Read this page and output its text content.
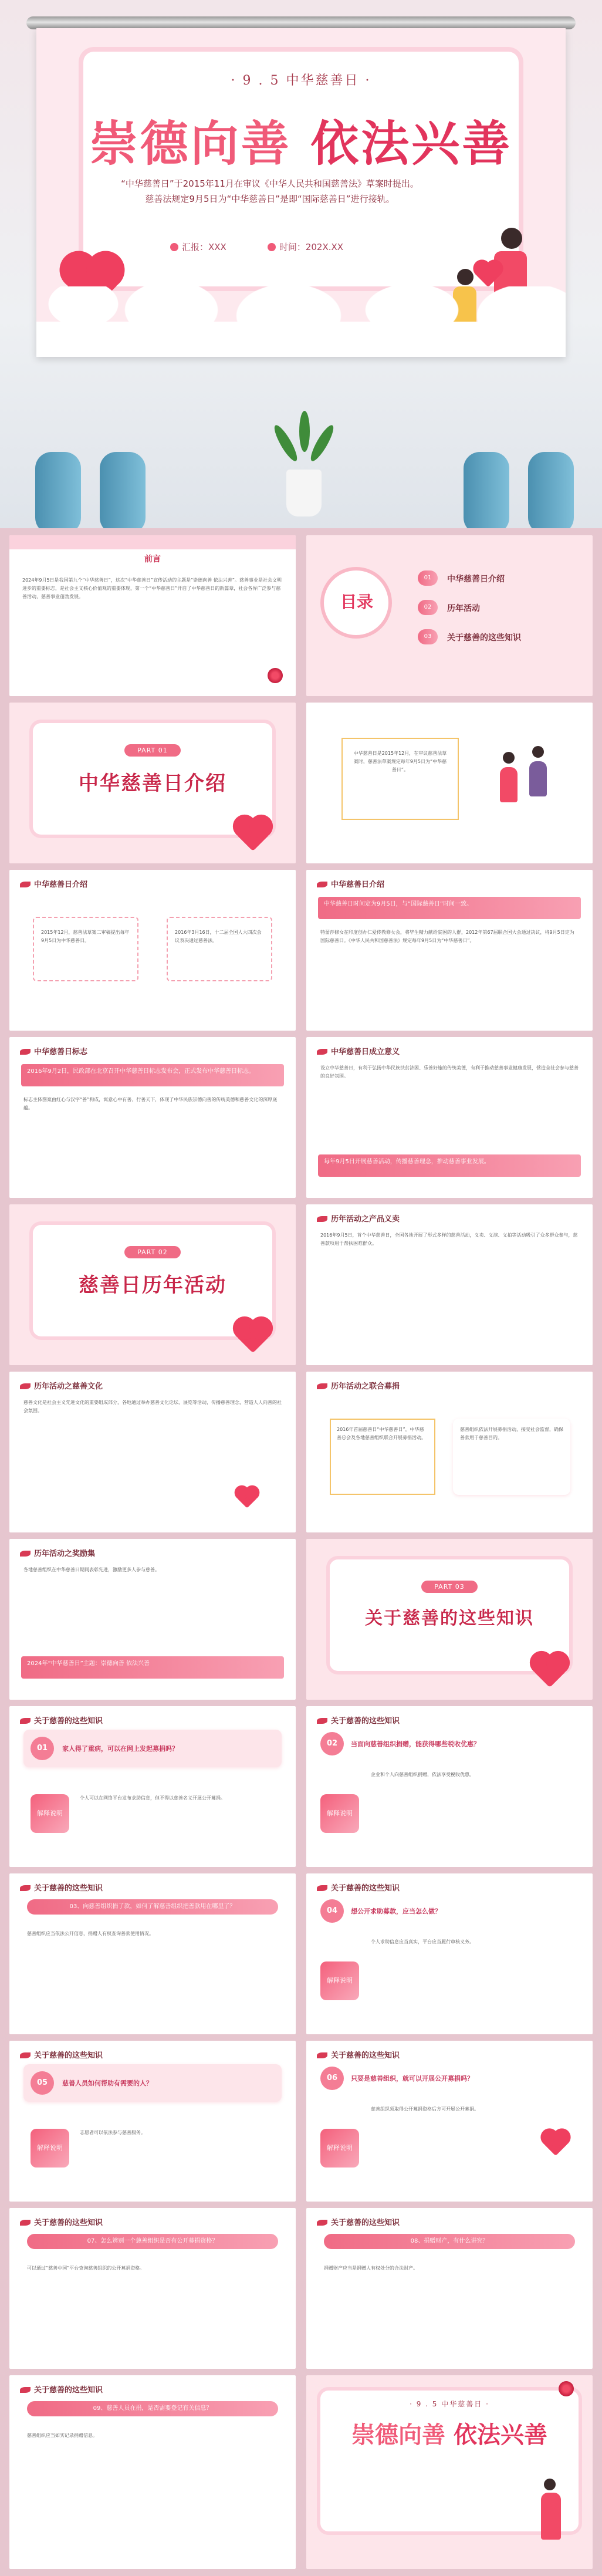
· 9 . 5 中华慈善日 ·
崇德向善 依法兴善
“中华慈善日”于2015年11月在审议《中华人民共和国慈善法》草案时提出。
慈善法规定9月5日为“中华慈善日”是即“国际慈善日”进行接轨。
汇报：XXX	时间：202X.XX
前言
2024年9月5日是我国第九个“中华慈善日”，这次“中华慈善日”宣传活动的主题是“崇德向善 依法兴善”。慈善事业是社会文明进步的重要标志，是社会主义核心价值观的重要体现，第一个“中华慈善日”开启了中华慈善日的新篇章，社会各界广泛参与慈善活动，慈善事业蓬勃发展。	目录
01	中华慈善日介绍
02	历年活动
03	关于慈善的这些知识
PART 01
中华慈善日介绍
中华慈善日是2015年12月，在审议慈善法草案时，慈善法草案规定每年9月5日为“中华慈善日”。
中华慈善日介绍
2015年12月，慈善法草案二审稿提出每年9月5日为中华慈善日。
2016年3月16日，十二届全国人大四次会议表决通过慈善法。
中华慈善日介绍
中华慈善日时间定为9月5日，与“国际慈善日”时间一致。
特蕾莎修女在印度创办仁爱传教修女会，将毕生精力献给贫困的人群，2012年第67届联合国大会通过决议，将9月5日定为国际慈善日。《中华人民共和国慈善法》规定每年9月5日为“中华慈善日”。
中华慈善日标志
2016年9月2日，民政部在北京召开中华慈善日标志发布会，正式发布中华慈善日标志。
标志主体图案由红心与汉字“善”构成，寓意心中有善、行善天下，体现了中华民族崇德向善的传统美德和慈善文化的深厚底蕴。
中华慈善日成立意义
设立中华慈善日，有利于弘扬中华民族扶贫济困、乐善好施的传统美德，有利于推动慈善事业健康发展，营造全社会参与慈善的良好氛围。
每年9月5日开展慈善活动，传播慈善理念，推动慈善事业发展。
PART 02
慈善日历年活动
历年活动之产品义卖
2016年9月5日，首个中华慈善日，全国各地开展了形式多样的慈善活动，义卖、义演、义拍等活动吸引了众多群众参与，慈善款项用于帮扶困难群众。
历年活动之慈善文化
慈善文化是社会主义先进文化的重要组成部分，各地通过举办慈善文化论坛、展览等活动，传播慈善理念，营造人人向善的社会氛围。
历年活动之联合募捐
2016年首届慈善日“中华慈善日”，中华慈善总会及各地慈善组织联合开展募捐活动。
慈善组织依法开展募捐活动，接受社会监督，确保善款用于慈善目的。
历年活动之奖励集
各地慈善组织在中华慈善日期间表彰先进，激励更多人参与慈善。
2024年“中华慈善日”主题：崇德向善 依法兴善
PART 03
关于慈善的这些知识
关于慈善的这些知识
01	家人得了重病，可以在网上发起募捐吗？
解释说明
个人可以在网络平台发布求助信息，但不得以慈善名义开展公开募捐。
关于慈善的这些知识
02	当面向慈善组织捐赠，能获得哪些税收优惠？
解释说明
企业和个人向慈善组织捐赠，依法享受税收优惠。
关于慈善的这些知识
03、向慈善组织捐了款，如何了解慈善组织把善款用在哪里了？
慈善组织应当依法公开信息，捐赠人有权查询善款使用情况。
关于慈善的这些知识
04	想公开求助募款，应当怎么做？
解释说明
个人求助信息应当真实，平台应当履行审核义务。
关于慈善的这些知识
05	慈善人员如何帮助有需要的人？
解释说明
志愿者可以依法参与慈善服务。
关于慈善的这些知识
06	只要是慈善组织，就可以开展公开募捐吗？
解释说明
慈善组织须取得公开募捐资格后方可开展公开募捐。
关于慈善的这些知识
07、怎么辨别一个慈善组织是否有公开募捐资格？
可以通过“慈善中国”平台查询慈善组织的公开募捐资格。
关于慈善的这些知识
08、捐赠财产，有什么讲究？
捐赠财产应当是捐赠人有权处分的合法财产。
关于慈善的这些知识
09、慈善人员在捐，是否需要登记有关信息？
慈善组织应当如实记录捐赠信息。
· 9 . 5 中华慈善日 ·
崇德向善 依法兴善
